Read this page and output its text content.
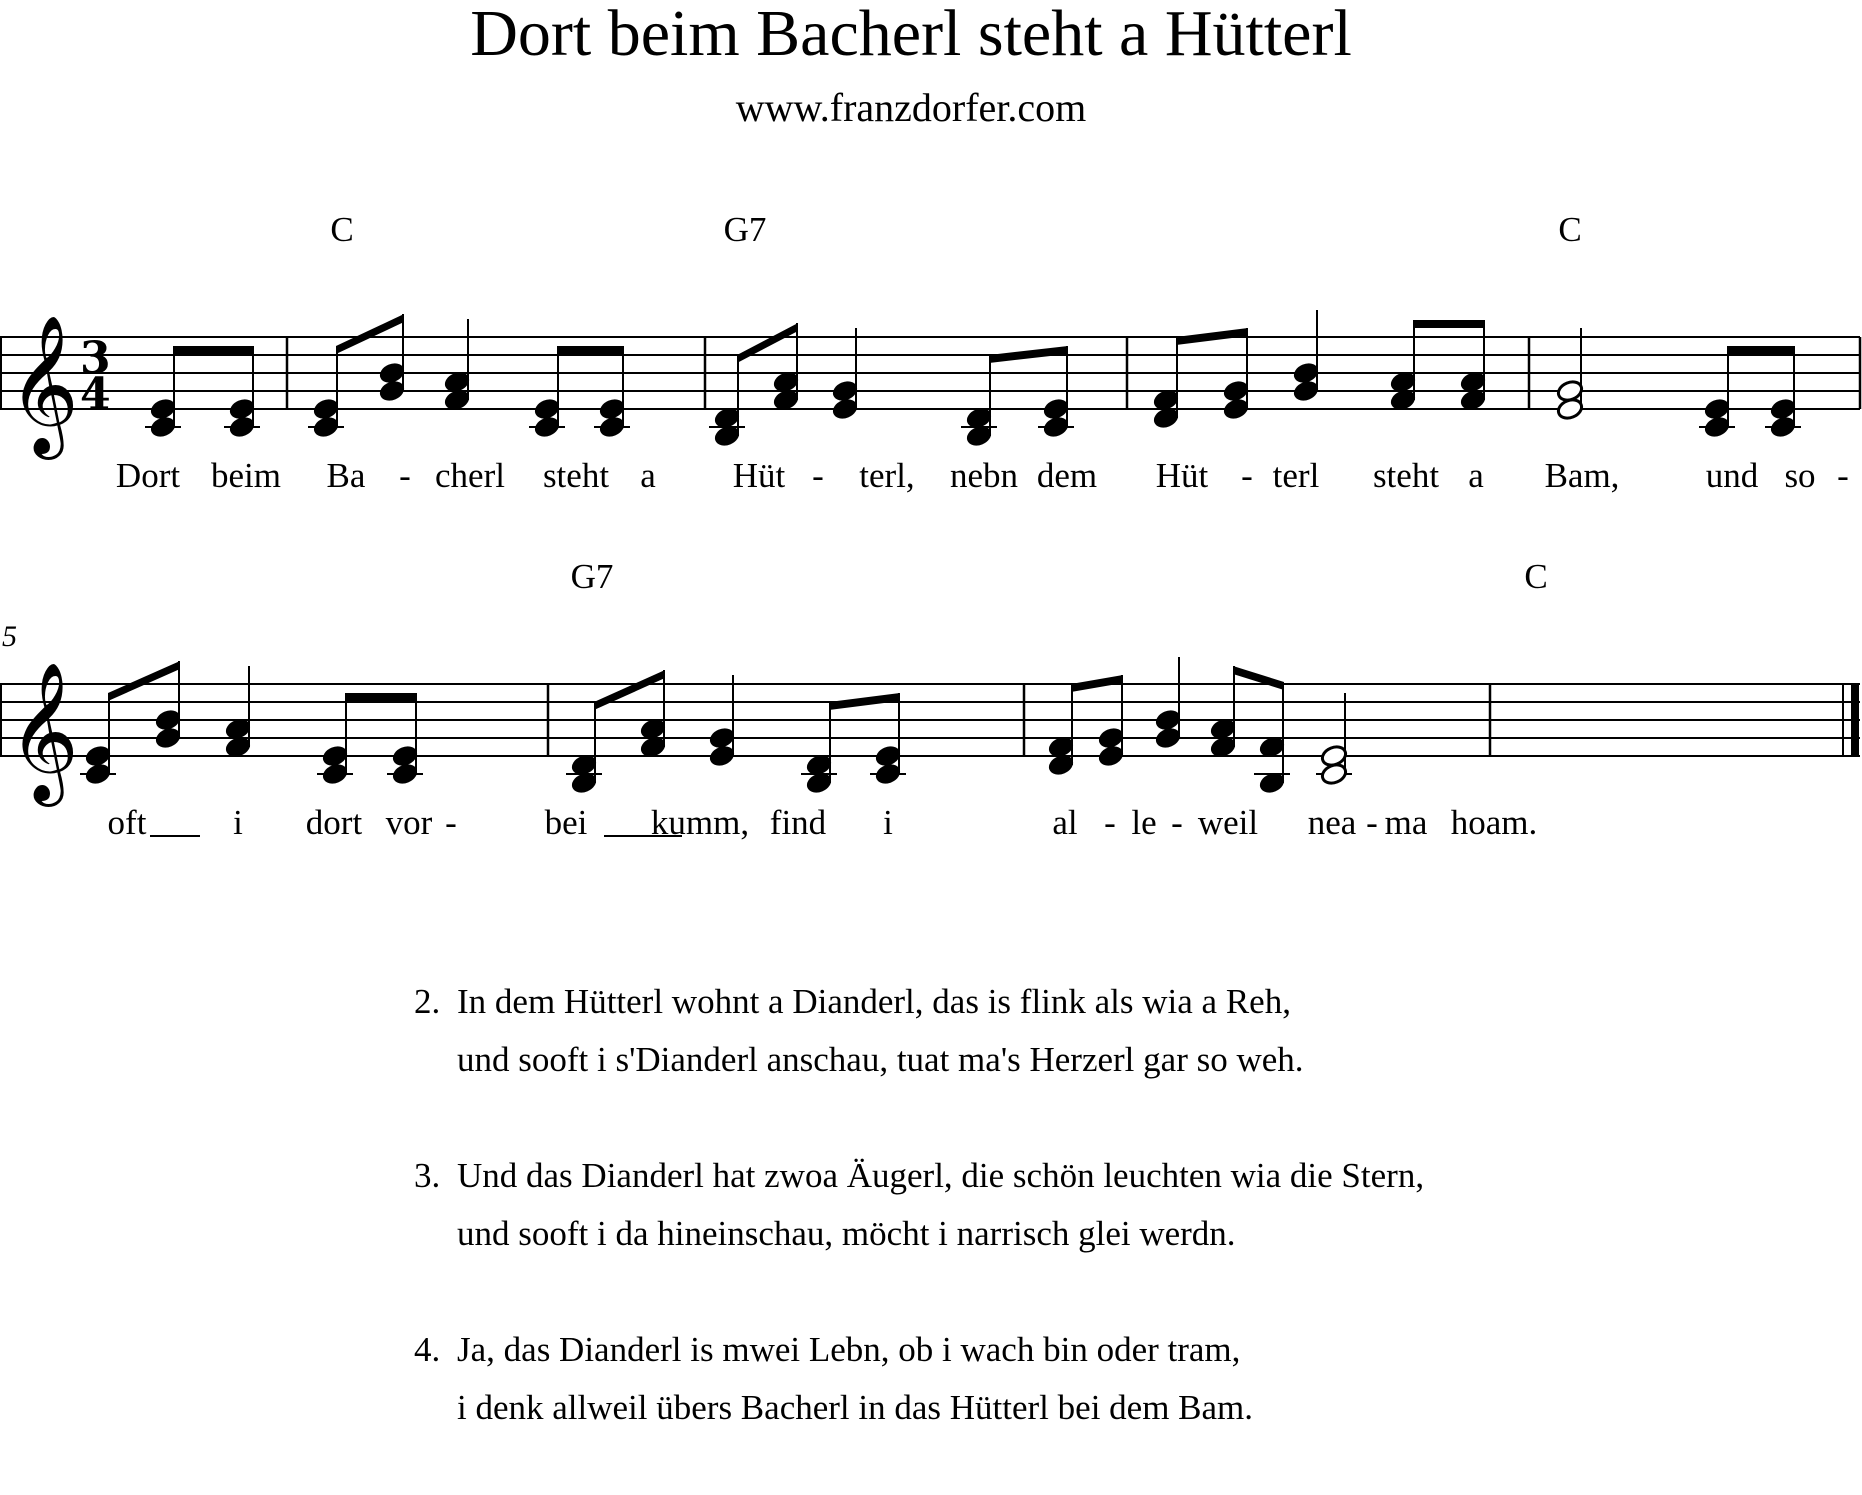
Dort beim Bacherl steht a Hütterl
www.franzdorfer.com
𝄞 3
4
C	G7	C
Dort beim Ba - cherl steht a Hüt - terl, nebn dem Hüt - terl steht a Bam, und so -
𝄞
5
G7	C
oft i dort vor -	bei kumm, find i	al - le - weil nea - ma hoam.
2. In dem Hütterl wohnt a Dianderl, das is flink als wia a Reh,
und sooft i s'Dianderl anschau, tuat ma's Herzerl gar so weh.
3. Und das Dianderl hat zwoa Äugerl, die schön leuchten wia die Stern,
und sooft i da hineinschau, möcht i narrisch glei werdn.
4. Ja, das Dianderl is mwei Lebn, ob i wach bin oder tram,
i denk allweil übers Bacherl in das Hütterl bei dem Bam.
